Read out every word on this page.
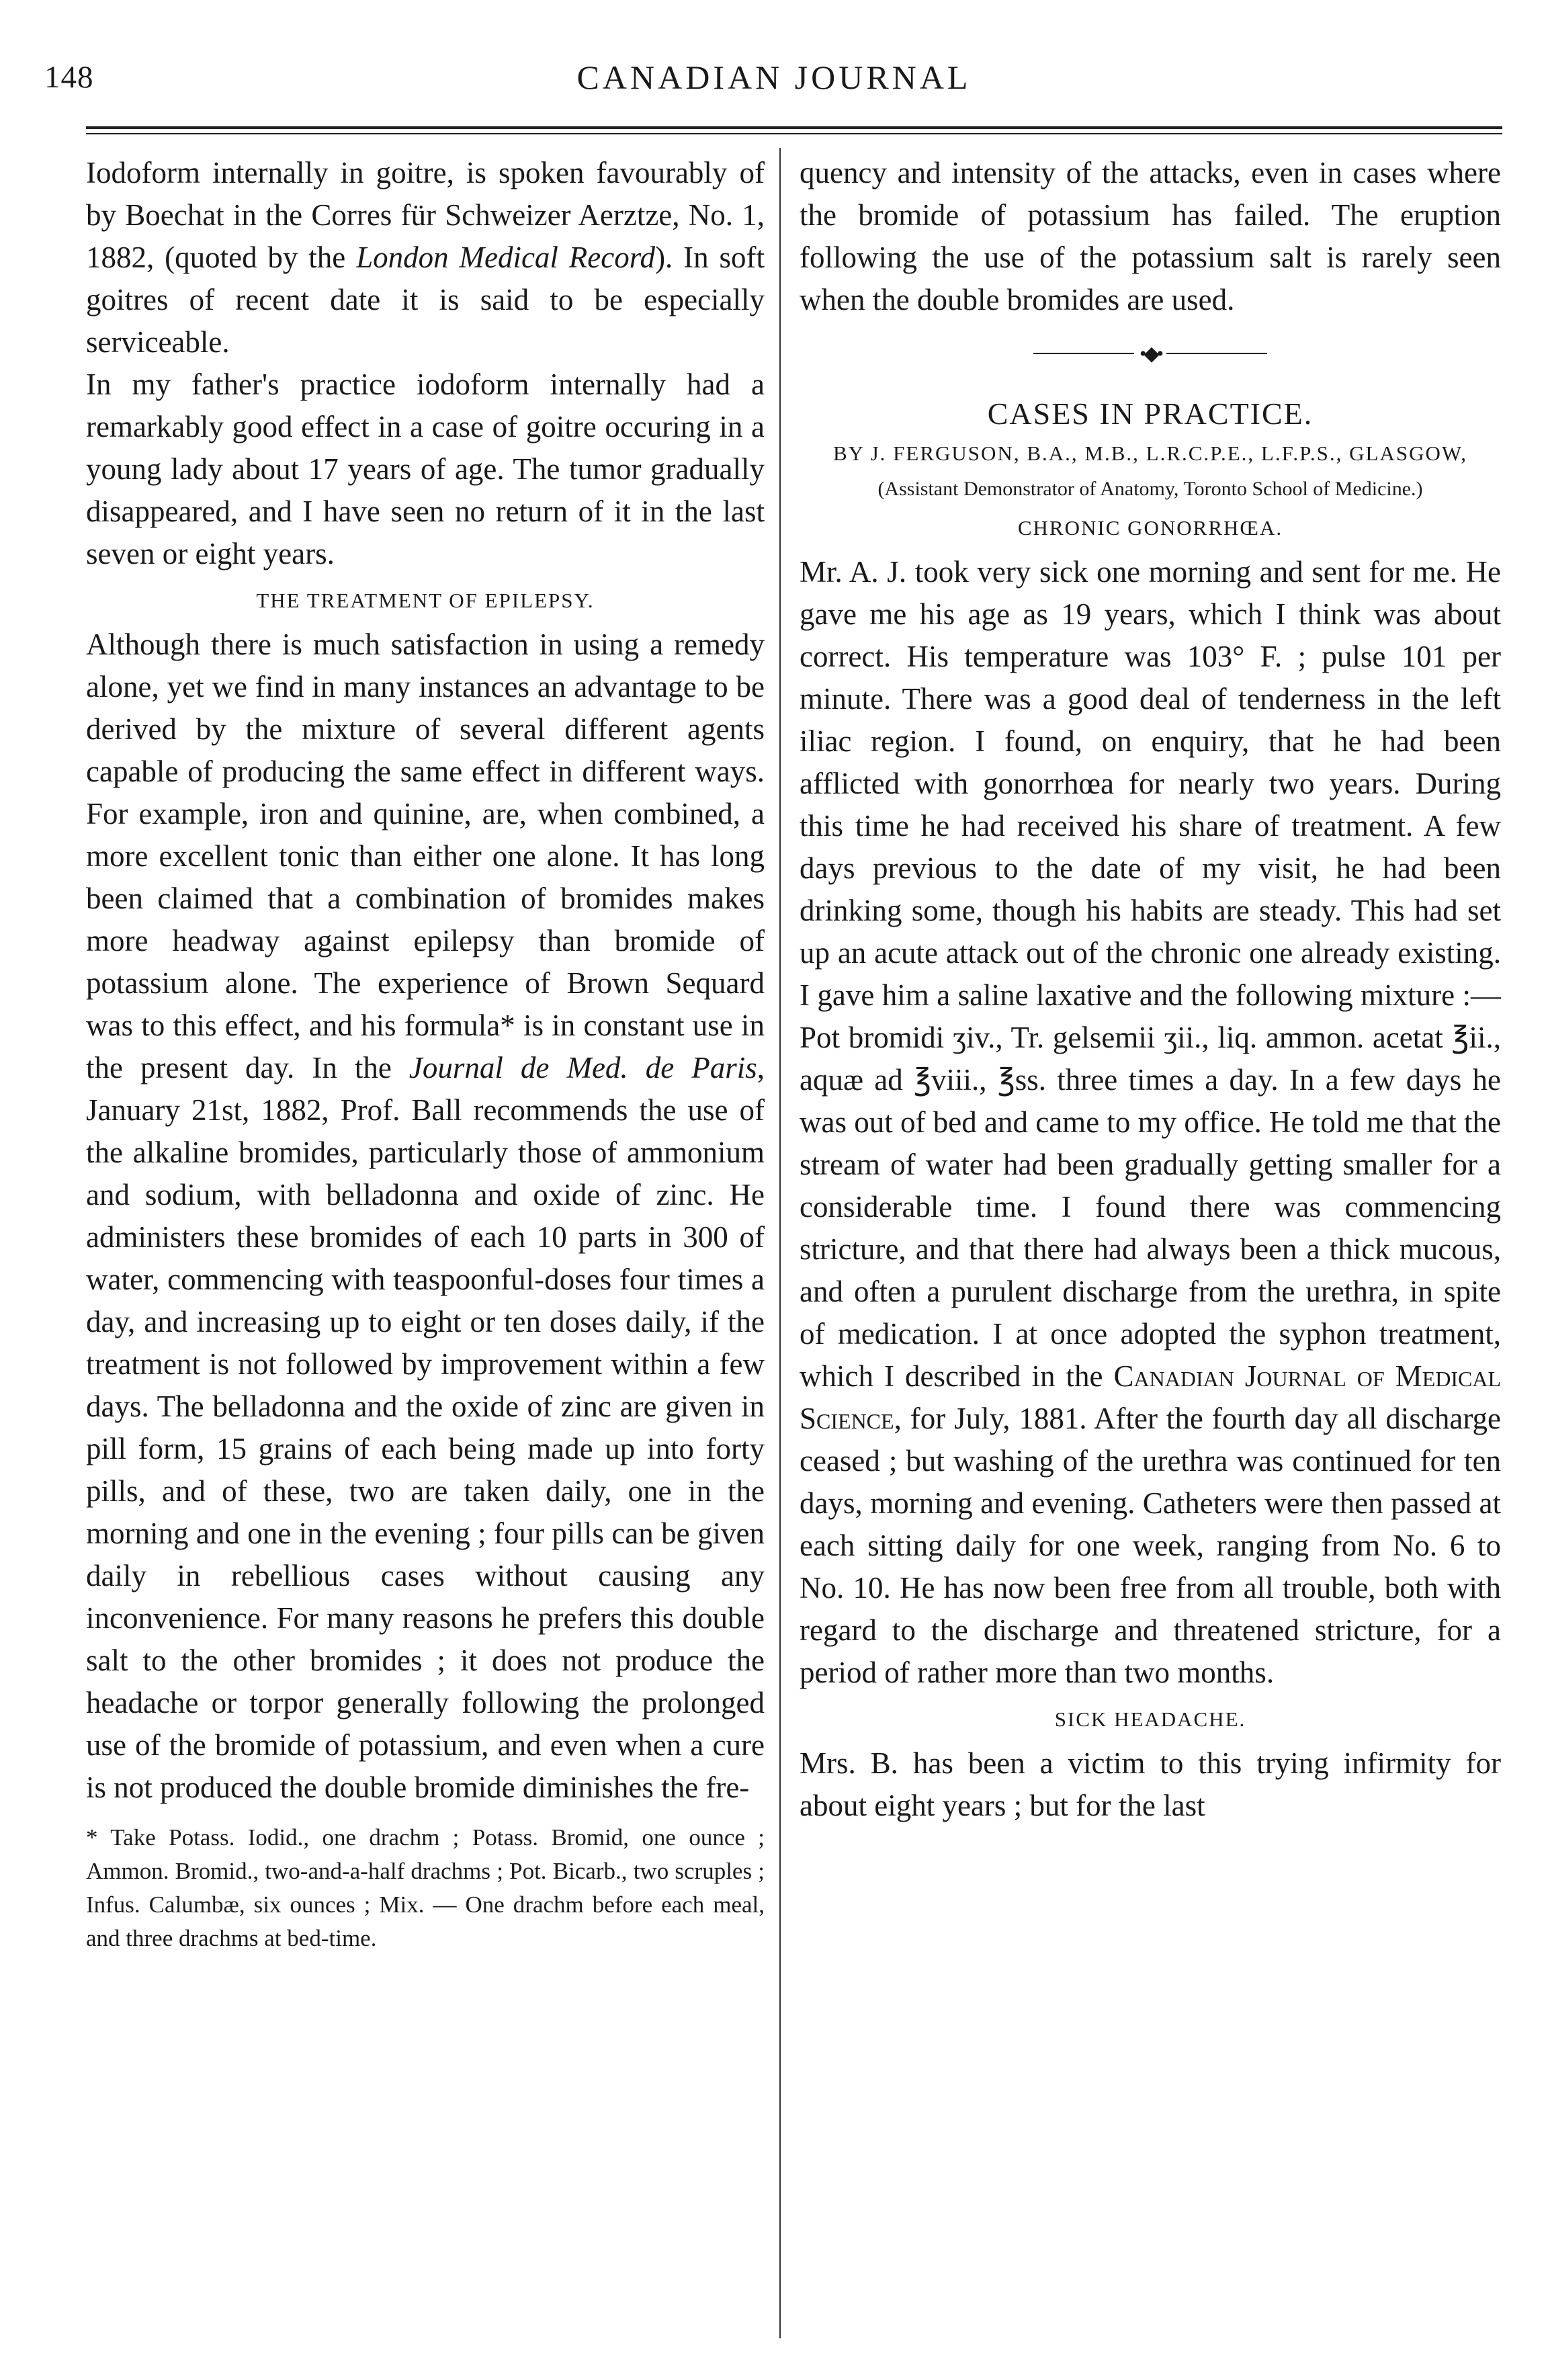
148	CANADIAN JOURNAL

Iodoform internally in goitre, is spoken favourably of by Boechat in the Corres für Schweizer Aerztze, No. 1, 1882, (quoted by the London Medical Record). In soft goitres of recent date it is said to be especially serviceable.

In my father's practice iodoform internally had a remarkably good effect in a case of goitre occuring in a young lady about 17 years of age. The tumor gradually disappeared, and I have seen no return of it in the last seven or eight years.

THE TREATMENT OF EPILEPSY.

Although there is much satisfaction in using a remedy alone, yet we find in many instances an advantage to be derived by the mixture of several different agents capable of producing the same effect in different ways. For example, iron and quinine, are, when combined, a more excellent tonic than either one alone. It has long been claimed that a combination of bromides makes more headway against epilepsy than bromide of potassium alone. The experience of Brown Sequard was to this effect, and his formula* is in constant use in the present day. In the Journal de Med. de Paris, January 21st, 1882, Prof. Ball recommends the use of the alkaline bromides, particularly those of ammonium and sodium, with belladonna and oxide of zinc. He administers these bromides of each 10 parts in 300 of water, commencing with teaspoonful-doses four times a day, and increasing up to eight or ten doses daily, if the treatment is not followed by improvement within a few days. The belladonna and the oxide of zinc are given in pill form, 15 grains of each being made up into forty pills, and of these, two are taken daily, one in the morning and one in the evening ; four pills can be given daily in rebellious cases without causing any inconvenience. For many reasons he prefers this double salt to the other bromides ; it does not produce the headache or torpor generally following the prolonged use of the bromide of potassium, and even when a cure is not produced the double bromide diminishes the fre-

* Take Potass. Iodid., one drachm ; Potass. Bromid, one ounce ; Ammon. Bromid., two-and-a-half drachms ; Pot. Bicarb., two scruples ; Infus. Calumbæ, six ounces ; Mix. — One drachm before each meal, and three drachms at bed-time.

quency and intensity of the attacks, even in cases where the bromide of potassium has failed. The eruption following the use of the potassium salt is rarely seen when the double bromides are used.

•◆•
CASES IN PRACTICE.
BY J. FERGUSON, B.A., M.B., L.R.C.P.E., L.F.P.S., GLASGOW,
(Assistant Demonstrator of Anatomy, Toronto School of Medicine.)
CHRONIC GONORRHŒA.

Mr. A. J. took very sick one morning and sent for me. He gave me his age as 19 years, which I think was about correct. His temperature was 103° F. ; pulse 101 per minute. There was a good deal of tenderness in the left iliac region. I found, on enquiry, that he had been afflicted with gonorrhœa for nearly two years. During this time he had received his share of treatment. A few days previous to the date of my visit, he had been drinking some, though his habits are steady. This had set up an acute attack out of the chronic one already existing. I gave him a saline laxative and the following mixture :—Pot bromidi ʒiv., Tr. gelsemii ʒii., liq. ammon. acetat ℥ii., aquæ ad ℥viii., ℥ss. three times a day. In a few days he was out of bed and came to my office. He told me that the stream of water had been gradually getting smaller for a considerable time. I found there was commencing stricture, and that there had always been a thick mucous, and often a purulent discharge from the urethra, in spite of medication. I at once adopted the syphon treatment, which I described in the Canadian Journal of Medical Science, for July, 1881. After the fourth day all discharge ceased ; but washing of the urethra was continued for ten days, morning and evening. Catheters were then passed at each sitting daily for one week, ranging from No. 6 to No. 10. He has now been free from all trouble, both with regard to the discharge and threatened stricture, for a period of rather more than two months.

SICK HEADACHE.

Mrs. B. has been a victim to this trying infirmity for about eight years ; but for the last
